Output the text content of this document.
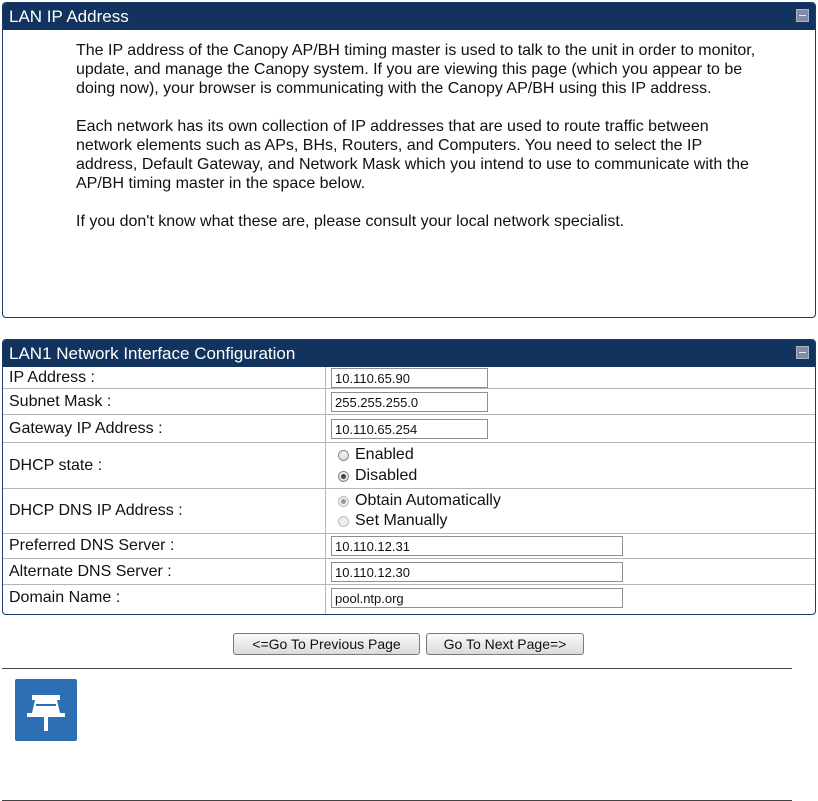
LAN IP Address

The IP address of the Canopy AP/BH timing master is used to talk to the unit in order to monitor, update, and manage the Canopy system. If you are viewing this page (which you appear to be doing now), your browser is communicating with the Canopy AP/BH using this IP address.

Each network has its own collection of IP addresses that are used to route traffic between network elements such as APs, BHs, Routers, and Computers. You need to select the IP address, Default Gateway, and Network Mask which you intend to use to communicate with the AP/BH timing master in the space below.

If you don't know what these are, please consult your local network specialist.

LAN1 Network Interface Configuration
IP Address :
10.110.65.90
Subnet Mask :
255.255.255.0
Gateway IP Address :
10.110.65.254
DHCP state :
Enabled
Disabled
DHCP DNS IP Address :
Obtain Automatically
Set Manually
Preferred DNS Server :
10.110.12.31
Alternate DNS Server :
10.110.12.30
Domain Name :
pool.ntp.org
<=Go To Previous Page	Go To Next Page=>
